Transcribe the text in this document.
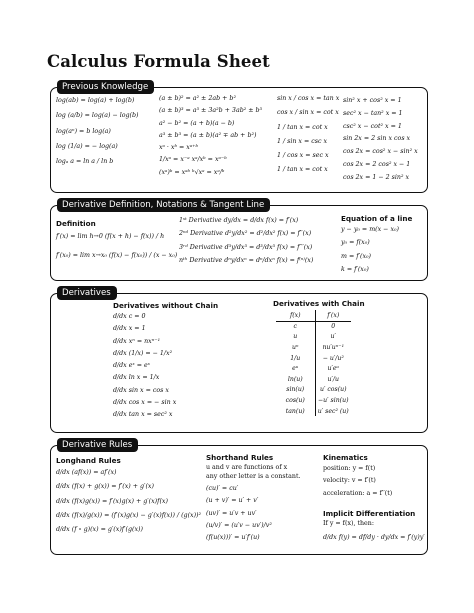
Calculus Formula Sheet
Previous Knowledge
log(ab) = log(a) + log(b)
log (a/b) = log(a) − log(b)
log(aⁿ) = b log(a)
log (1/a) = − log(a)
logₐ a = ln a / ln b
(a ± b)² = a² ± 2ab + b²
(a ± b)³ = a³ ± 3a²b + 3ab² ± b³
a² − b² = (a + b)(a − b)
a³ ± b³ = (a ± b)(a² ∓ ab + b²)
xᵃ · xᵇ = xᵃ⁺ᵇ
1/xᵃ = x⁻ᵃ xᵃ/xᵇ = xᵃ⁻ᵇ
(xᵃ)ᵇ = xᵃᵇ ᵇ√xᵃ = xᵃ/ᵇ
sin x / cos x = tan x
cos x / sin x = cot x
1 / tan x = cot x
1 / sin x = csc x
1 / cos x = sec x
1 / tan x = cot x
sin² x + cos² x = 1
sec² x − tan² x = 1
csc² x − cot² x = 1
sin 2x = 2 sin x cos x
cos 2x = cos² x − sin² x
cos 2x = 2 cos² x − 1
cos 2x = 1 − 2 sin² x
Derivative Definition, Notations & Tangent Line
Definition
f′(x) = lim h→0 (f(x + h) − f(x)) / h
f′(x₀) = lim x→x₀ (f(x) − f(x₀)) / (x − x₀)
1ˢᵗ Derivative dy/dx = d/dx f(x) = f′(x)
2ⁿᵈ Derivative d²y/dx² = d²/dx² f(x) = f′′(x)
3ʳᵈ Derivative d³y/dx³ = d³/dx³ f(x) = f′′′(x)
nᵗʰ Derivative dⁿy/dxⁿ = dⁿ/dxⁿ f(x) = f⁽ⁿ⁾(x)
Equation of a line
y − y₀ = m(x − x₀)
y₀ = f(x₀)
m = f′(x₀)
k = f′(x₀)
Derivatives
Derivatives without Chain
d/dx c = 0
d/dx x = 1
d/dx xⁿ = nxⁿ⁻¹
d/dx (1/x) = − 1/x²
d/dx eˣ = eˣ
d/dx ln x = 1/x
d/dx sin x = cos x
d/dx cos x = − sin x
d/dx tan x = sec² x
Derivatives with Chain
f(x)	f′(x)
c	0
u	u′
uⁿ	nu′uⁿ⁻¹
1/u	− u′/u²
eᵘ	u′eᵘ
ln(u)	u′/u
sin(u)	u′ cos(u)
cos(u)	−u′ sin(u)
tan(u)	u′ sec² (u)
Derivative Rules
Longhand Rules
d/dx (af(x)) = af′(x)
d/dx (f(x) + g(x)) = f′(x) + g′(x)
d/dx (f(x)g(x)) = f′(x)g(x) + g′(x)f(x)
d/dx (f(x)/g(x)) = (f′(x)g(x) − g′(x)f(x)) / (g(x))²
d/dx (f ∘ g)(x) = g′(x)f′(g(x))
Shorthand Rules
u and v are functions of x
any other letter is a constant.
(cu)′ = cu′
(u + v)′ = u′ + v′
(uv)′ = u′v + uv′
(u/v)′ = (u′v − uv′)/v²
(f(u(x)))′ = u′f′(u)
Kinematics
position: y = f(t)
velocity: v = f′(t)
acceleration: a = f′′(t)
Implicit Differentiation
If y = f(x), then:
d/dx f(y) = df/dy · dy/dx = f′(y)y′
